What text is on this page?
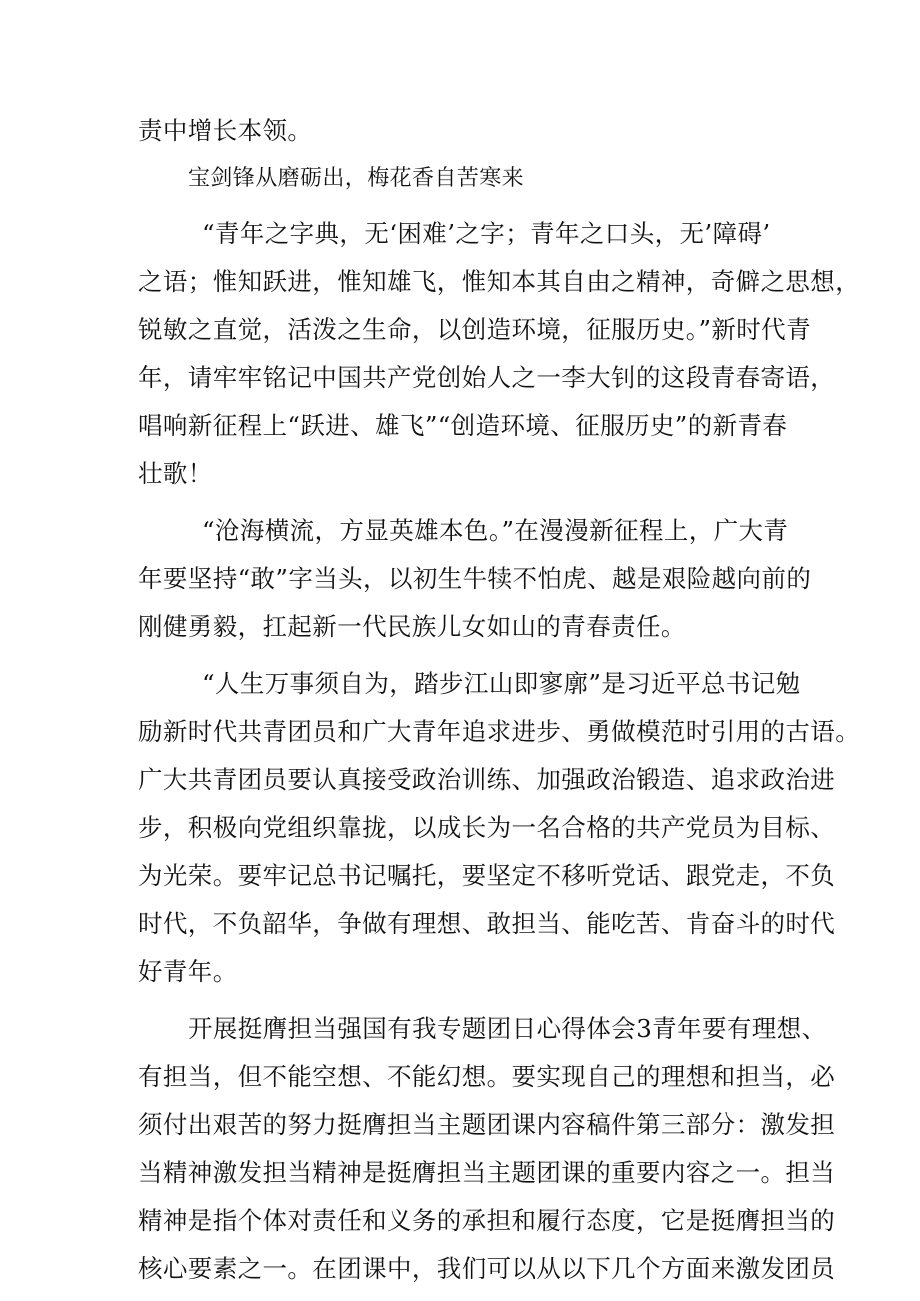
责中增长本领。
宝剑锋从磨砺出，梅花香自苦寒来
“青年之字典，无‘困难’之字；青年之口头，无’障碍’
之语；惟知跃进，惟知雄飞，惟知本其自由之精神，奇僻之思想，
锐敏之直觉，活泼之生命，以创造环境，征服历史。”新时代青
年，请牢牢铭记中国共产党创始人之一李大钊的这段青春寄语，
唱响新征程上“跃进、雄飞”“创造环境、征服历史”的新青春
壮歌！
“沧海横流，方显英雄本色。”在漫漫新征程上，广大青
年要坚持“敢”字当头，以初生牛犊不怕虎、越是艰险越向前的
刚健勇毅，扛起新一代民族儿女如山的青春责任。
“人生万事须自为，踏步江山即寥廓”是习近平总书记勉
励新时代共青团员和广大青年追求进步、勇做模范时引用的古语。
广大共青团员要认真接受政治训练、加强政治锻造、追求政治进
步，积极向党组织靠拢，以成长为一名合格的共产党员为目标、
为光荣。要牢记总书记嘱托，要坚定不移听党话、跟党走，不负
时代，不负韶华，争做有理想、敢担当、能吃苦、肯奋斗的时代
好青年。
开展挺膺担当强国有我专题团日心得体会3青年要有理想、
有担当，但不能空想、不能幻想。要实现自己的理想和担当，必
须付出艰苦的努力挺膺担当主题团课内容稿件第三部分：激发担
当精神激发担当精神是挺膺担当主题团课的重要内容之一。担当
精神是指个体对责任和义务的承担和履行态度，它是挺膺担当的
核心要素之一。在团课中，我们可以从以下几个方面来激发团员
